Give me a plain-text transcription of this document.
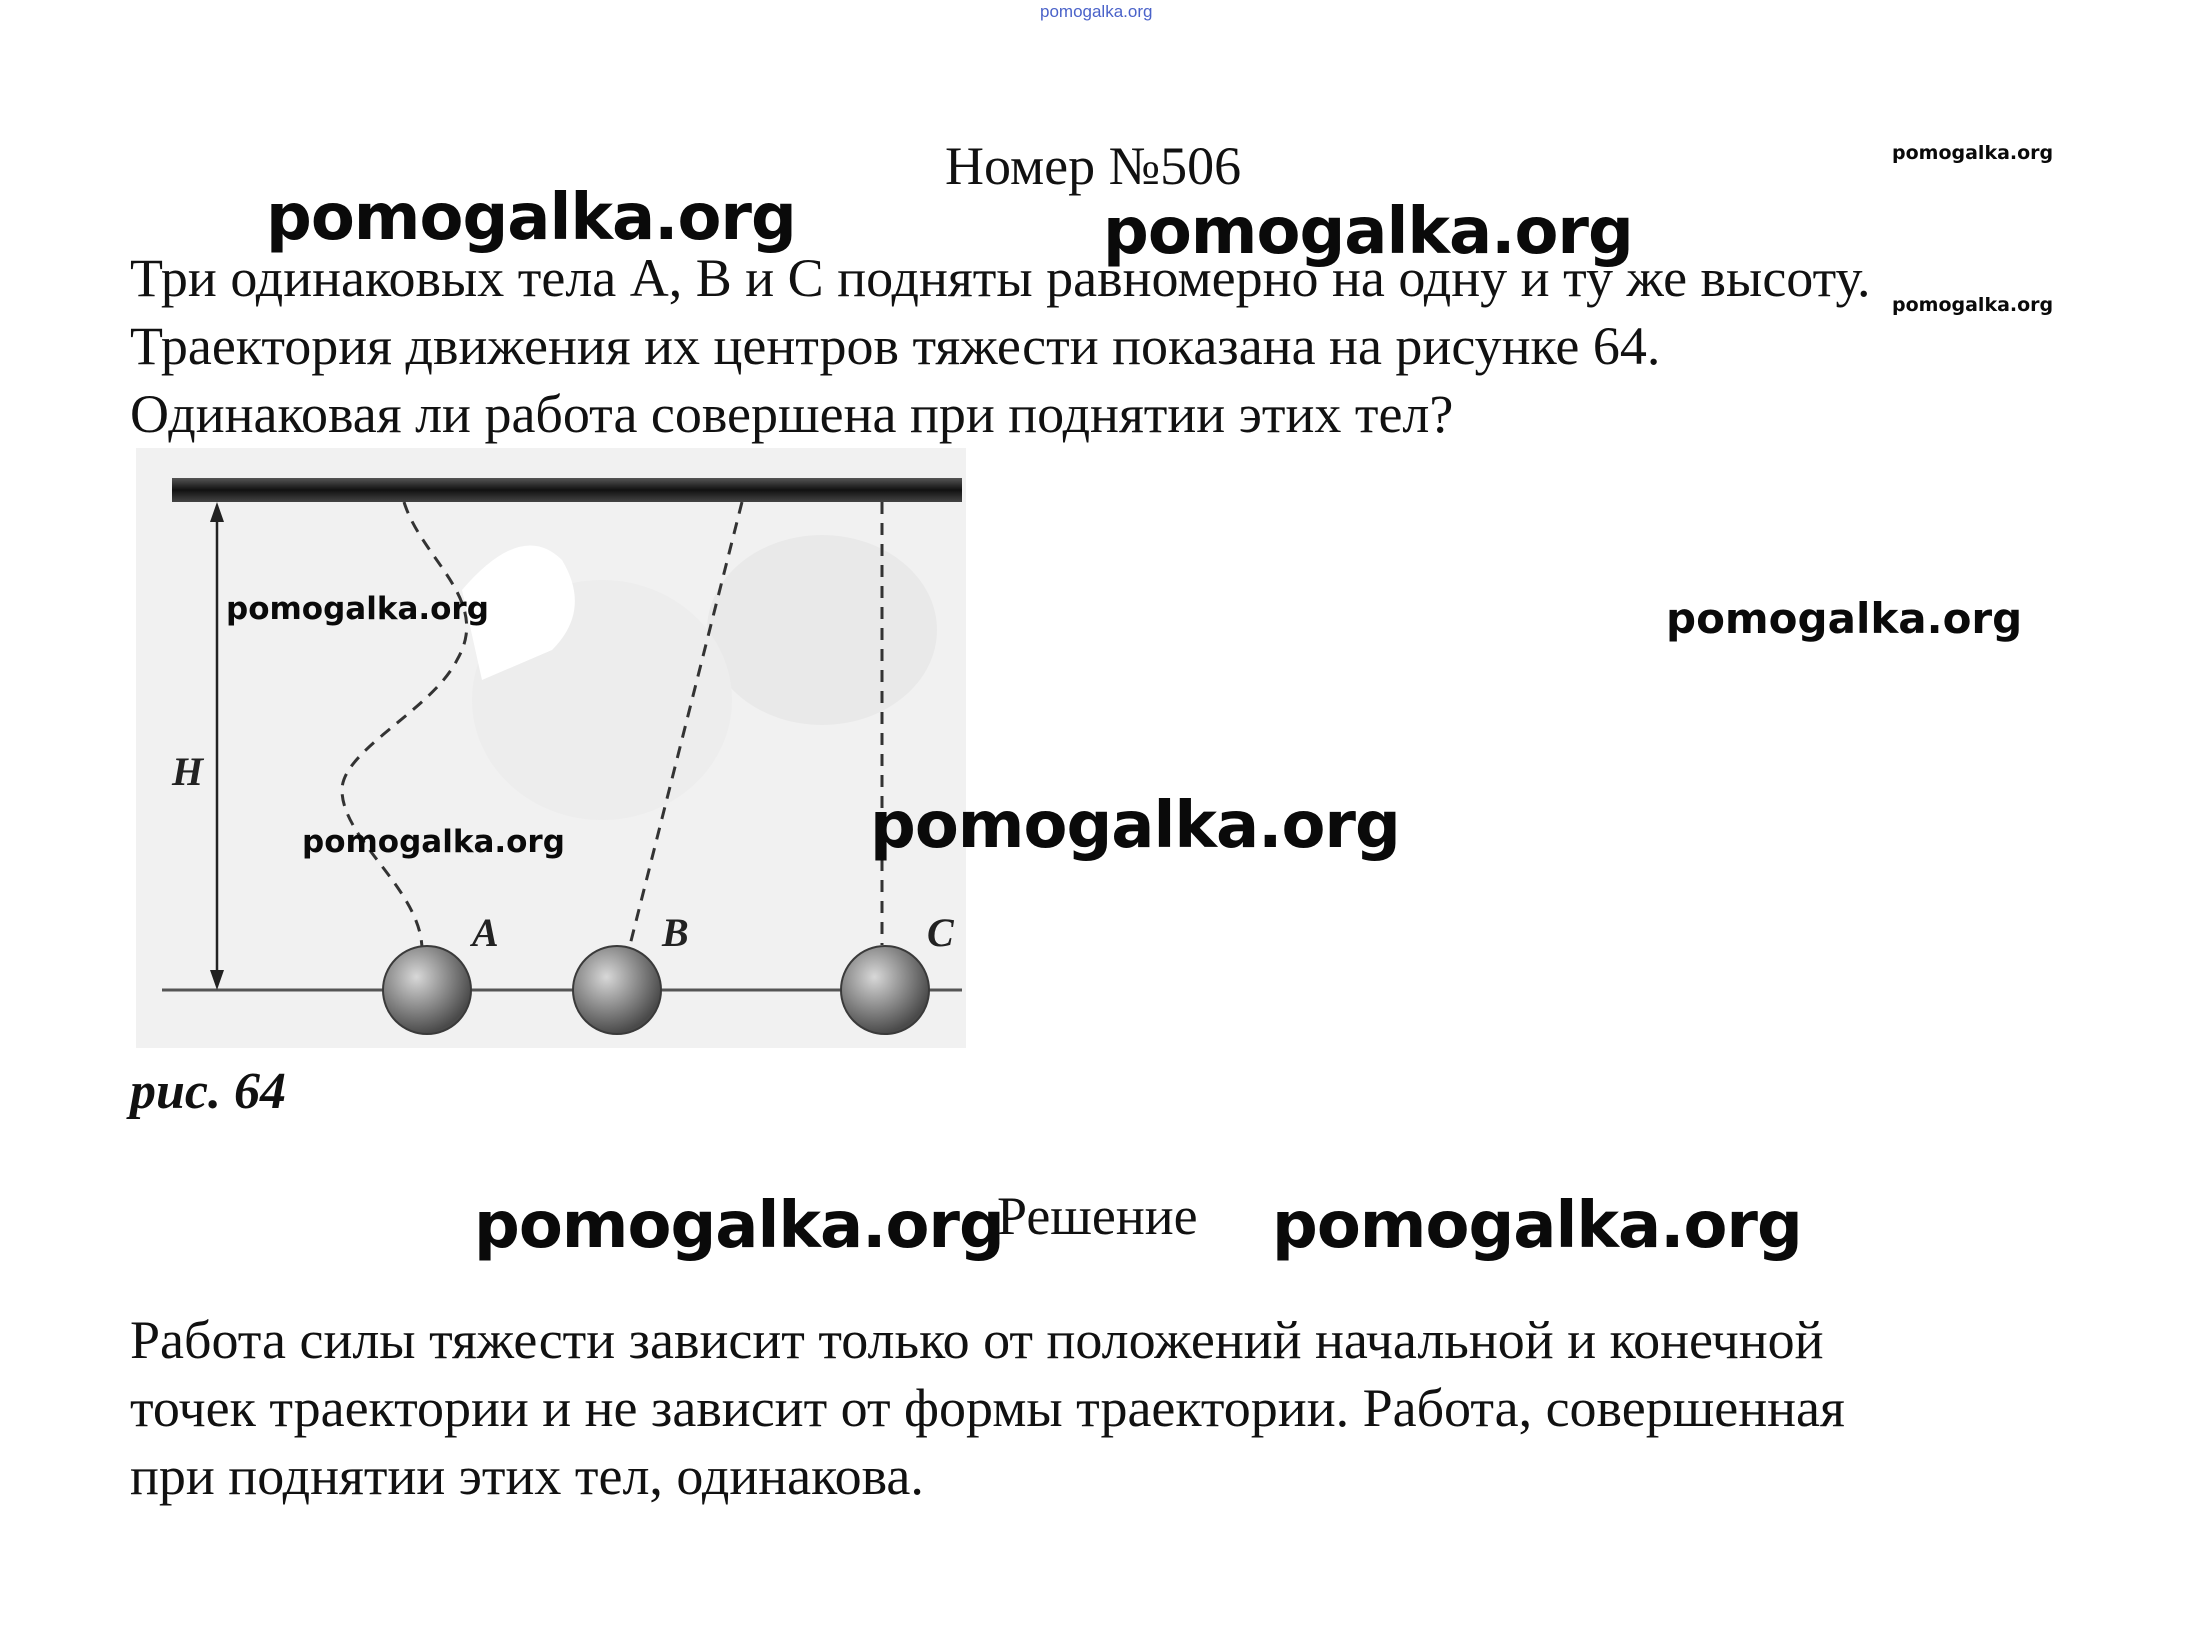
pomogalka.org
Номер №506

Три одинаковых тела А, В и С подняты равномерно на одну и ту же высоту.

Траектория движения их центров тяжести показана на рисунке 64.

Одинаковая ли работа совершена при поднятии этих тел?

H
A	B	C
рис. 64
Решение

Работа силы тяжести зависит только от положений начальной и конечной

точек траектории и не зависит от формы траектории. Работа, совершенная

при поднятии этих тел, одинакова.

pomogalka.org	pomogalka.org
pomogalka.org
pomogalka.org
pomogalka.org	pomogalka.org
pomogalka.org	pomogalka.org
pomogalka.org	pomogalka.org
